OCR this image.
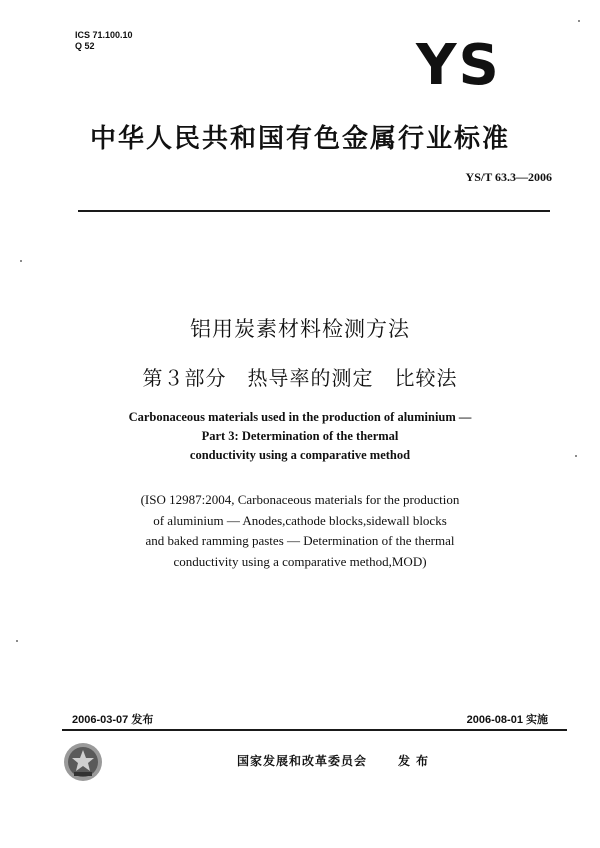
ICS 71.100.10
Q 52	YS
中华人民共和国有色金属行业标准
YS/T 63.3—2006
铝用炭素材料检测方法
第３部分　热导率的测定　比较法
Carbonaceous materials used in the production of aluminium —
Part 3: Determination of the thermal
conductivity using a comparative method
(ISO 12987:2004, Carbonaceous materials for the production
of aluminium — Anodes,cathode blocks,sidewall blocks
and baked ramming pastes — Determination of the thermal
conductivity using a comparative method,MOD)
2006-03-07 发布	2006-08-01 实施
国家发展和改革委员会	发布
